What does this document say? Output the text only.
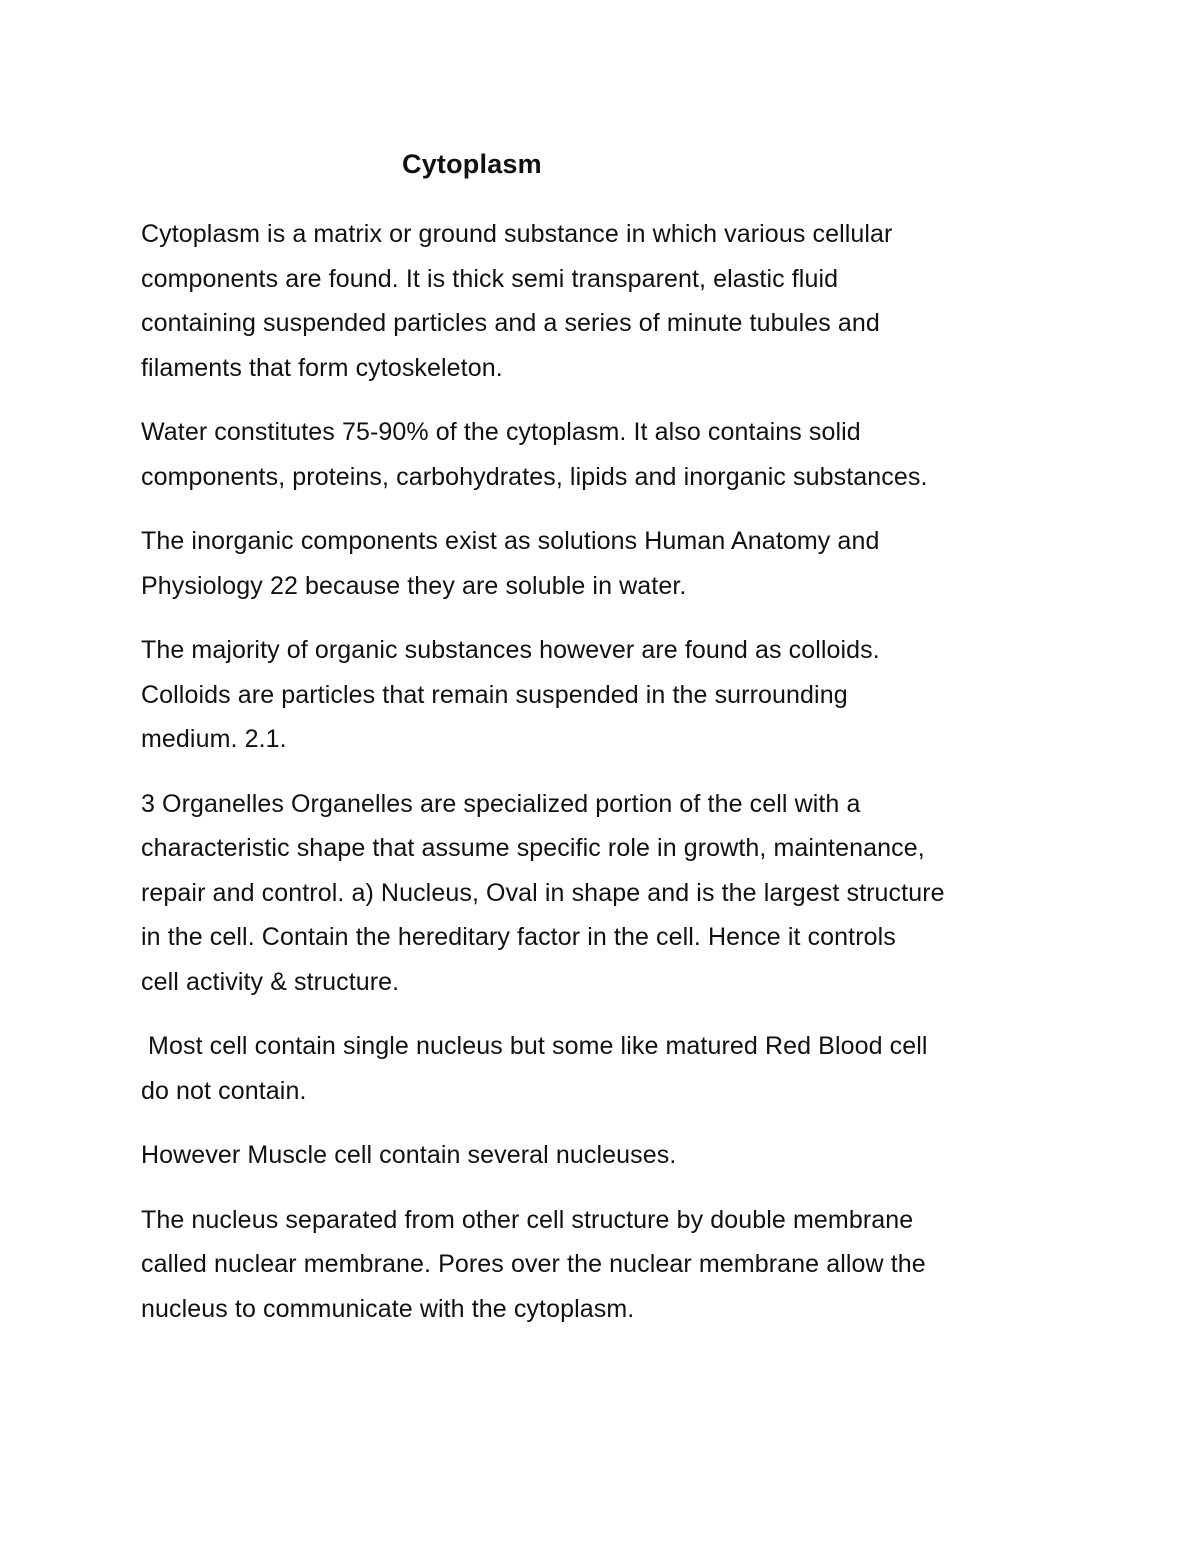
Cytoplasm

Cytoplasm is a matrix or ground substance in which various cellular
components are found. It is thick semi transparent, elastic fluid
containing suspended particles and a series of minute tubules and
filaments that form cytoskeleton.

Water constitutes 75-90% of the cytoplasm. It also contains solid
components, proteins, carbohydrates, lipids and inorganic substances.

The inorganic components exist as solutions Human Anatomy and
Physiology 22 because they are soluble in water.

The majority of organic substances however are found as colloids.
Colloids are particles that remain suspended in the surrounding
medium. 2.1.

3 Organelles Organelles are specialized portion of the cell with a
characteristic shape that assume specific role in growth, maintenance,
repair and control. a) Nucleus, Oval in shape and is the largest structure
in the cell. Contain the hereditary factor in the cell. Hence it controls
cell activity & structure.

Most cell contain single nucleus but some like matured Red Blood cell
do not contain.

However Muscle cell contain several nucleuses.

The nucleus separated from other cell structure by double membrane
called nuclear membrane. Pores over the nuclear membrane allow the
nucleus to communicate with the cytoplasm.
